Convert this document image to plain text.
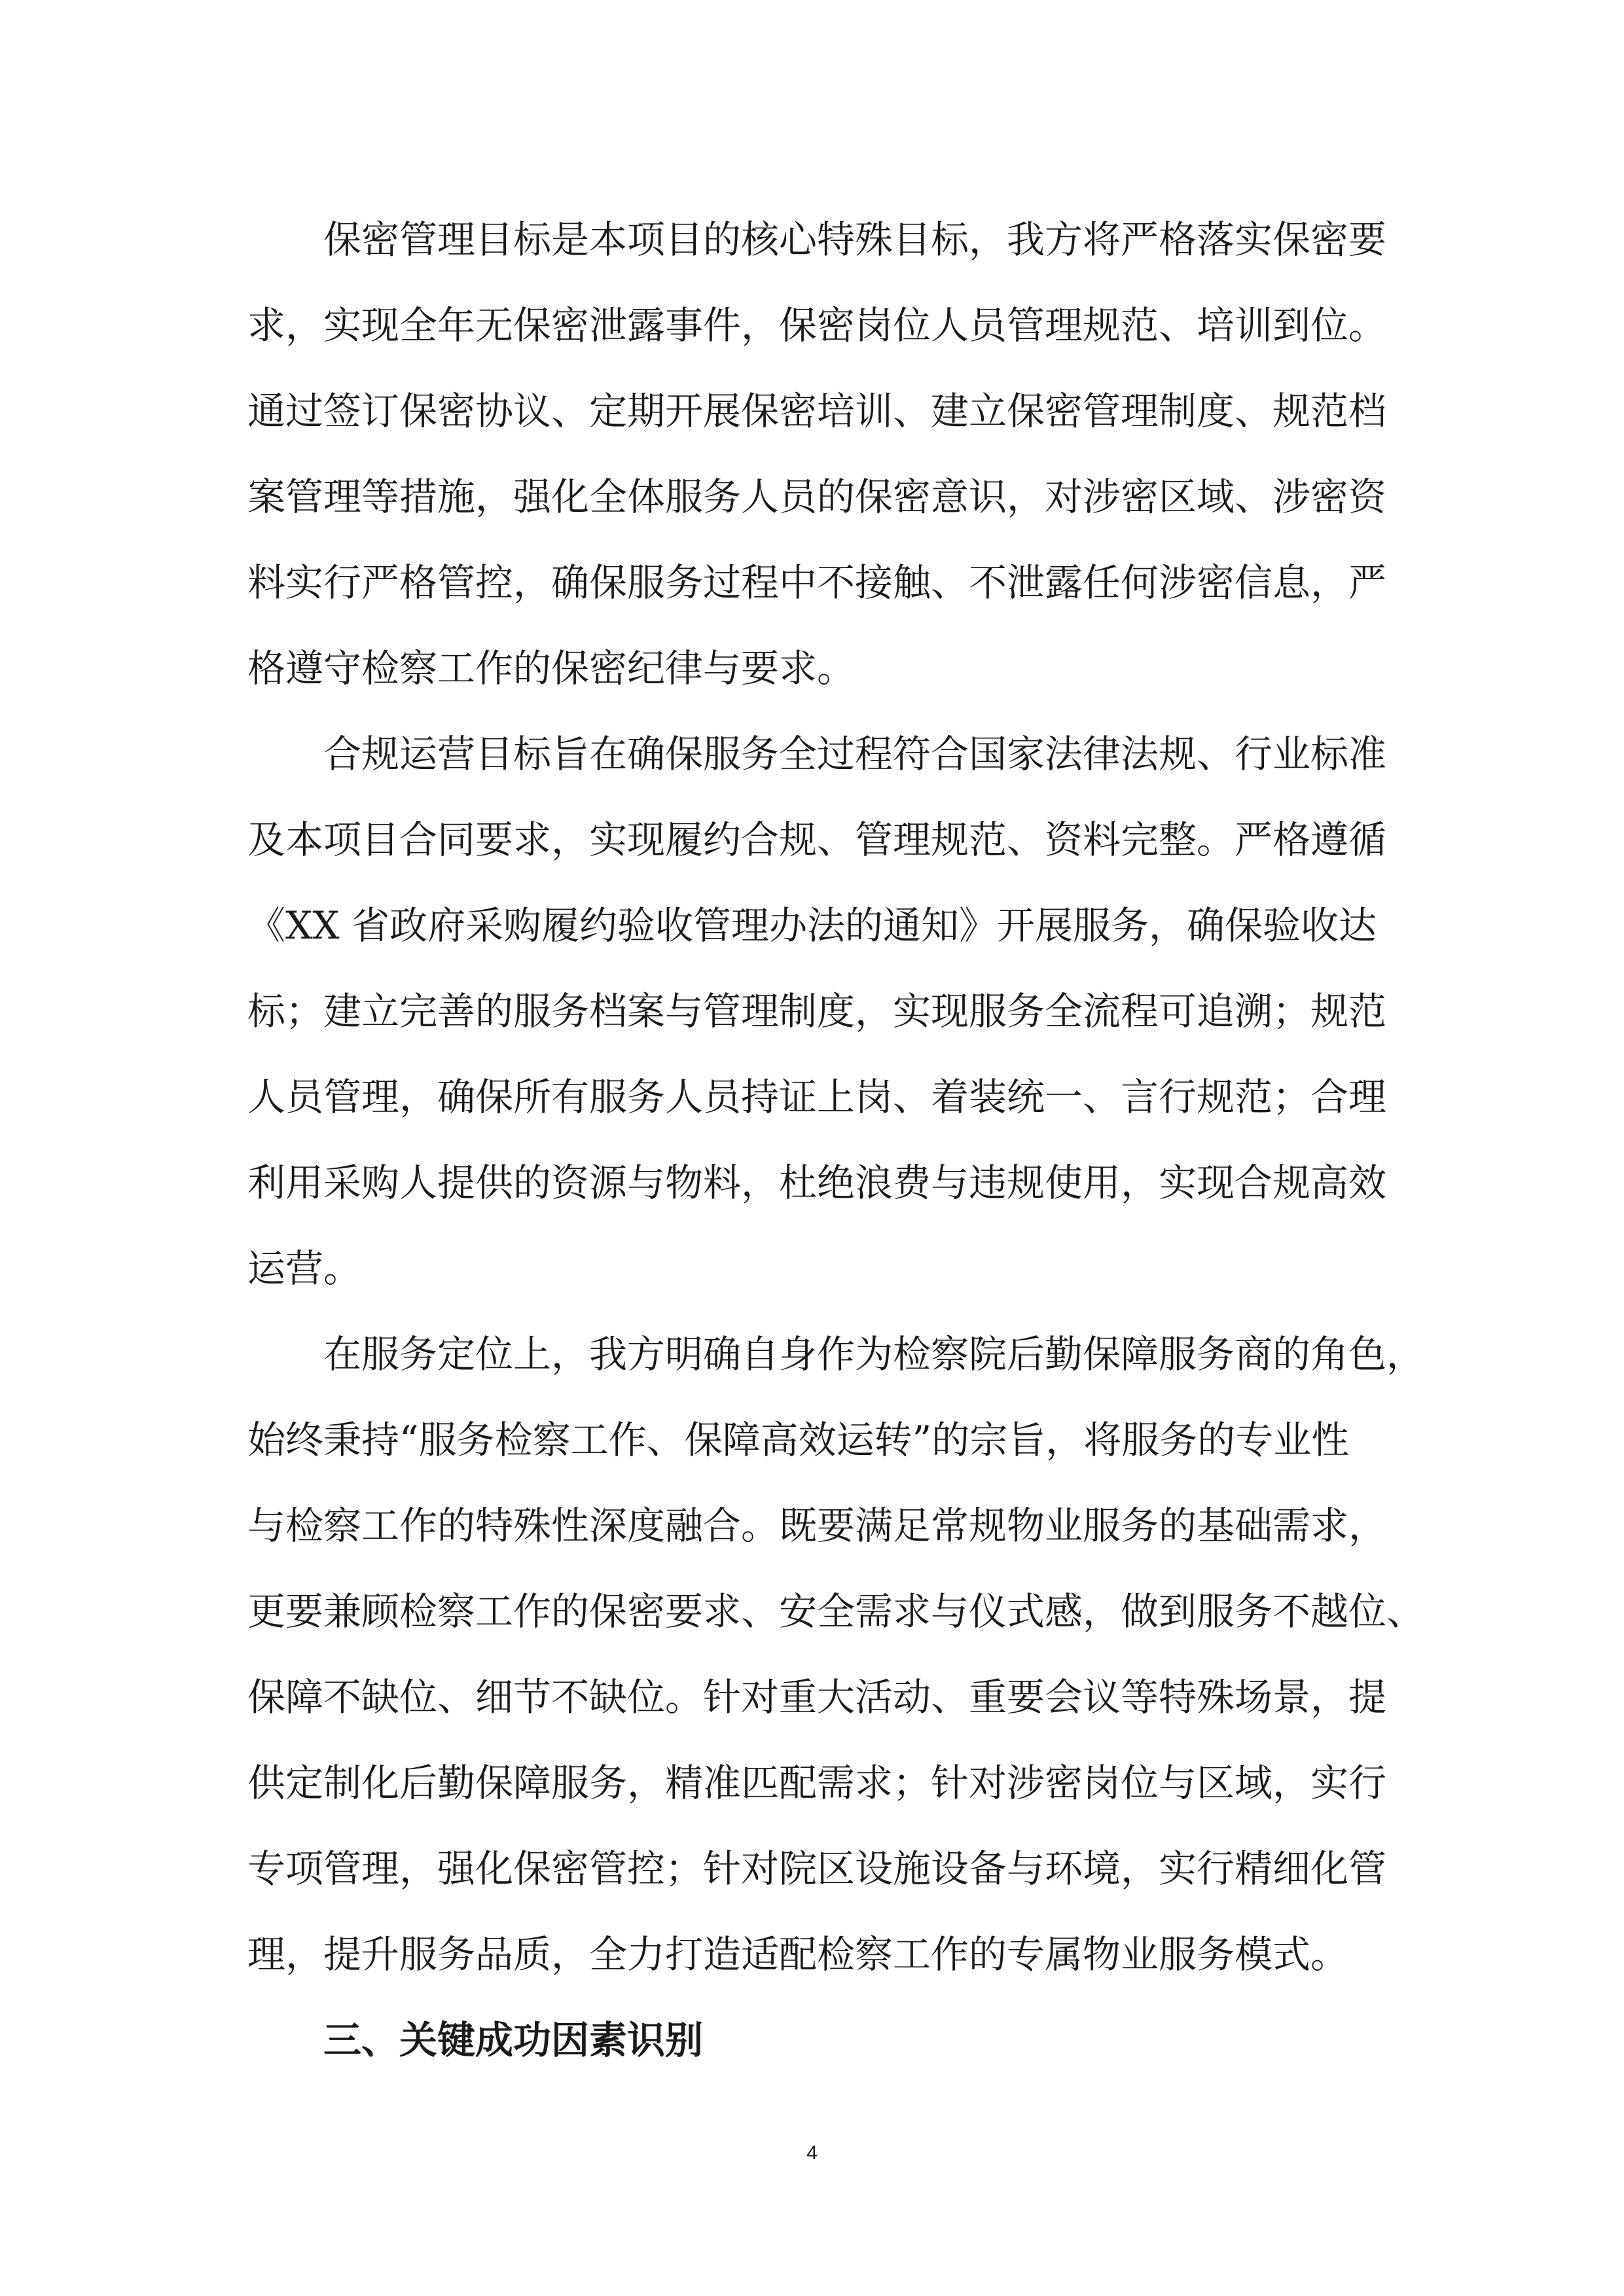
保密管理目标是本项目的核心特殊目标，我方将严格落实保密要
求，实现全年无保密泄露事件，保密岗位人员管理规范、培训到位。
通过签订保密协议、定期开展保密培训、建立保密管理制度、规范档
案管理等措施，强化全体服务人员的保密意识，对涉密区域、涉密资
料实行严格管控，确保服务过程中不接触、不泄露任何涉密信息，严
格遵守检察工作的保密纪律与要求。
合规运营目标旨在确保服务全过程符合国家法律法规、行业标准
及本项目合同要求，实现履约合规、管理规范、资料完整。严格遵循
《XX 省政府采购履约验收管理办法的通知》开展服务，确保验收达
标；建立完善的服务档案与管理制度，实现服务全流程可追溯；规范
人员管理，确保所有服务人员持证上岗、着装统一、言行规范；合理
利用采购人提供的资源与物料，杜绝浪费与违规使用，实现合规高效
运营。
在服务定位上，我方明确自身作为检察院后勤保障服务商的角色，
始终秉持“服务检察工作、保障高效运转”的宗旨，将服务的专业性
与检察工作的特殊性深度融合。既要满足常规物业服务的基础需求，
更要兼顾检察工作的保密要求、安全需求与仪式感，做到服务不越位、
保障不缺位、细节不缺位。针对重大活动、重要会议等特殊场景，提
供定制化后勤保障服务，精准匹配需求；针对涉密岗位与区域，实行
专项管理，强化保密管控；针对院区设施设备与环境，实行精细化管
理，提升服务品质，全力打造适配检察工作的专属物业服务模式。
三、关键成功因素识别
4
